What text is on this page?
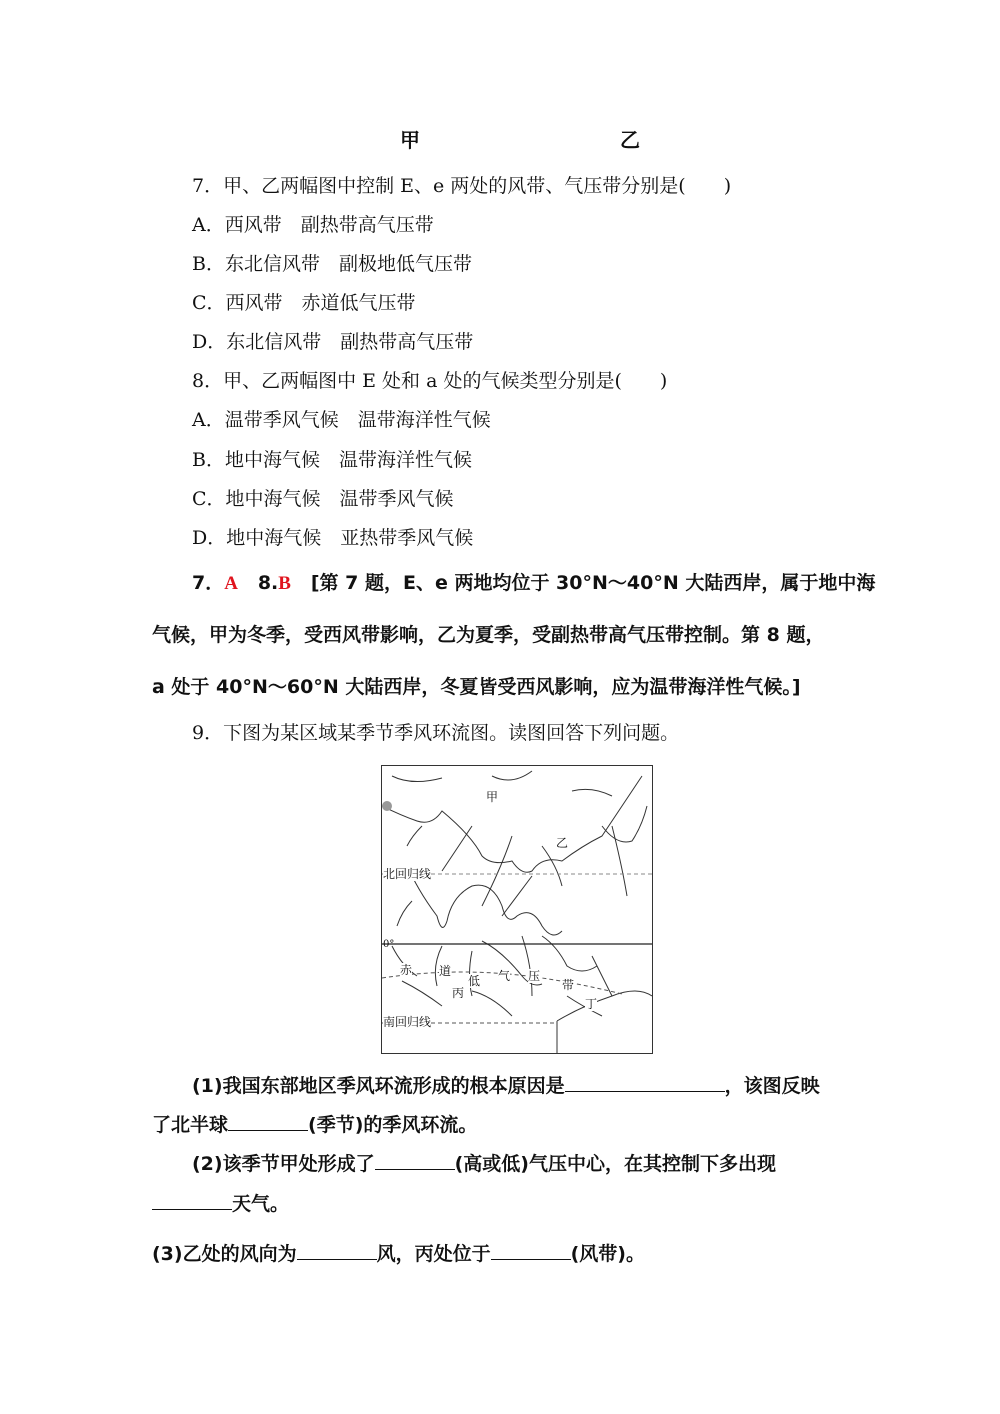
甲	乙
7．甲、乙两幅图中控制 E、e 两处的风带、气压带分别是(　　)
A．西风带　副热带高气压带
B．东北信风带　副极地低气压带
C．西风带　赤道低气压带
D．东北信风带　副热带高气压带
8．甲、乙两幅图中 E 处和 a 处的气候类型分别是(　　)
A．温带季风气候　温带海洋性气候
B．地中海气候　温带海洋性气候
C．地中海气候　温带季风气候
D．地中海气候　亚热带季风气候
7．A 8.B [第 7 题，E、e 两地均位于 30°N～40°N 大陆西岸，属于地中海
气候，甲为冬季，受西风带影响，乙为夏季，受副热带高气压带控制。第 8 题，
a 处于 40°N～60°N 大陆西岸，冬夏皆受西风影响，应为温带海洋性气候。]
9．下图为某区域某季节季风环流图。读图回答下列问题。
甲
乙
北回归线
0°
赤 道
低 气 压
带
丙
丁
南回归线
(1)我国东部地区季风环流形成的根本原因是	，该图反映
了北半球	(季节)的季风环流。
(2)该季节甲处形成了	(高或低)气压中心，在其控制下多出现
天气。
(3)乙处的风向为	风，丙处位于	(风带)。
